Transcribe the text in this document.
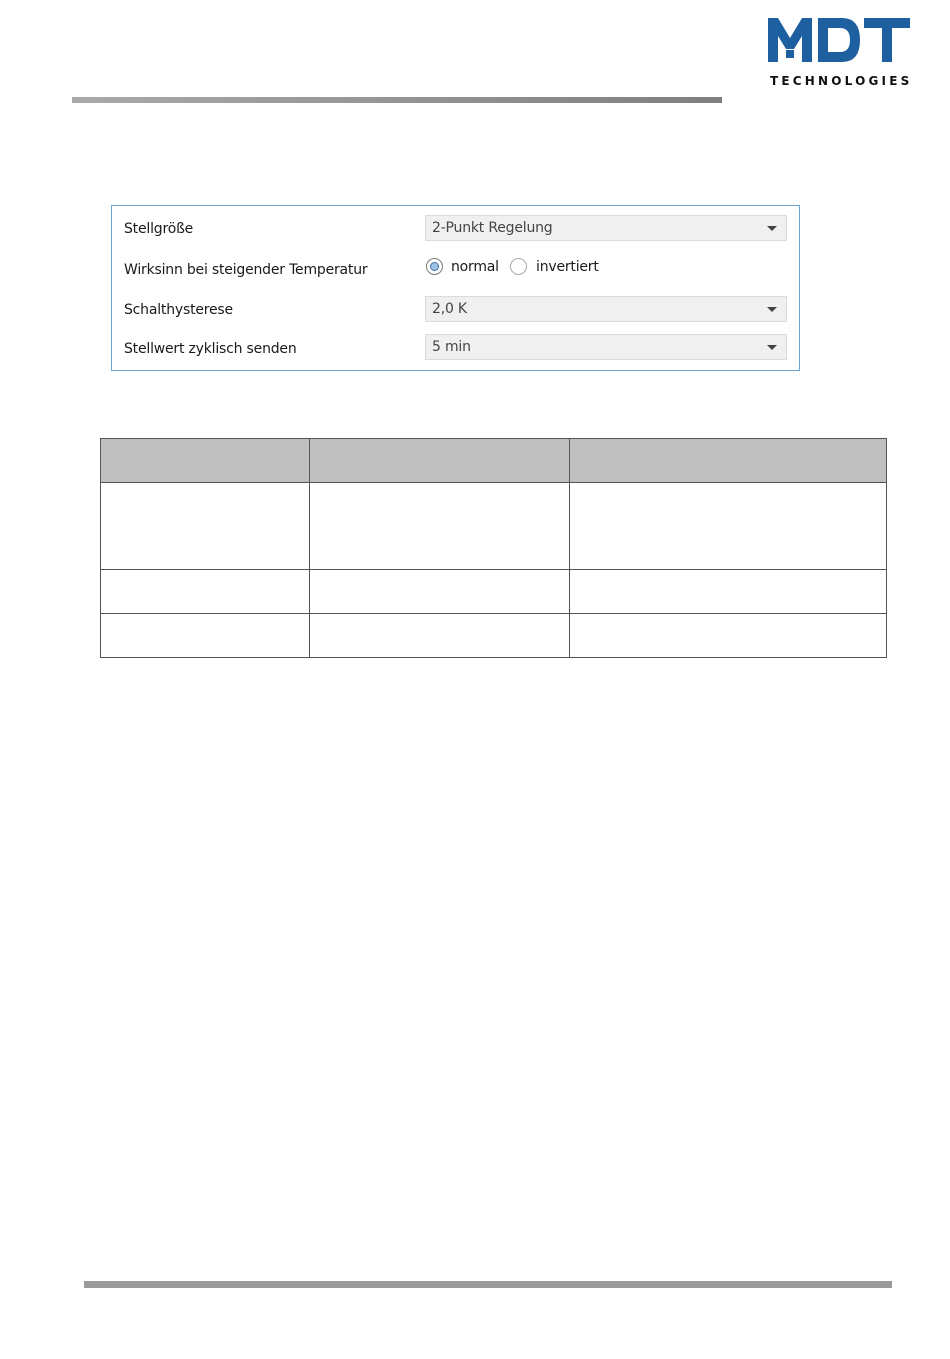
TECHNOLOGIES
Stellgröße	2-Punkt Regelung
Wirksinn bei steigender Temperatur	normal	invertiert
Schalthysterese	2,0 K
Stellwert zyklisch senden	5 min
